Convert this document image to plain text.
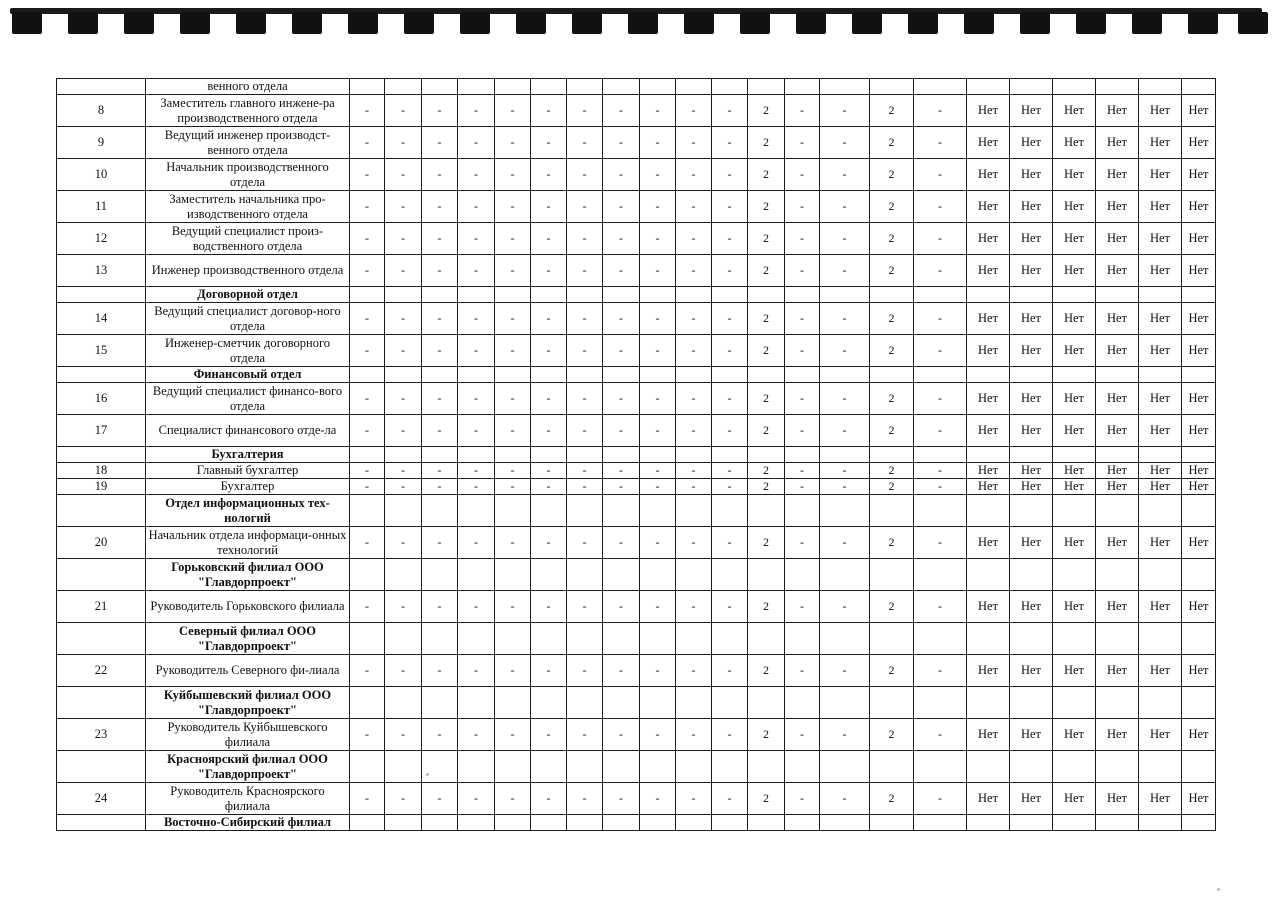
	венного отдела																						
8	Заместитель главного инжене-ра производственного отдела	-	-	-	-	-	-	-	-	-	-	-	2	-	-	2	-	Нет	Нет	Нет	Нет	Нет	Нет
9	Ведущий инженер производст-венного отдела	-	-	-	-	-	-	-	-	-	-	-	2	-	-	2	-	Нет	Нет	Нет	Нет	Нет	Нет
10	Начальник производственного отдела	-	-	-	-	-	-	-	-	-	-	-	2	-	-	2	-	Нет	Нет	Нет	Нет	Нет	Нет
11	Заместитель начальника про-изводственного отдела	-	-	-	-	-	-	-	-	-	-	-	2	-	-	2	-	Нет	Нет	Нет	Нет	Нет	Нет
12	Ведущий специалист произ-водственного отдела	-	-	-	-	-	-	-	-	-	-	-	2	-	-	2	-	Нет	Нет	Нет	Нет	Нет	Нет
13	Инженер производственного отдела	-	-	-	-	-	-	-	-	-	-	-	2	-	-	2	-	Нет	Нет	Нет	Нет	Нет	Нет
	Договорной отдел																						
14	Ведущий специалист договор-ного отдела	-	-	-	-	-	-	-	-	-	-	-	2	-	-	2	-	Нет	Нет	Нет	Нет	Нет	Нет
15	Инженер-сметчик договорного отдела	-	-	-	-	-	-	-	-	-	-	-	2	-	-	2	-	Нет	Нет	Нет	Нет	Нет	Нет
	Финансовый отдел																						
16	Ведущий специалист финансо-вого отдела	-	-	-	-	-	-	-	-	-	-	-	2	-	-	2	-	Нет	Нет	Нет	Нет	Нет	Нет
17	Специалист финансового отде-ла	-	-	-	-	-	-	-	-	-	-	-	2	-	-	2	-	Нет	Нет	Нет	Нет	Нет	Нет
	Бухгалтерия																						
18	Главный бухгалтер	-	-	-	-	-	-	-	-	-	-	-	2	-	-	2	-	Нет	Нет	Нет	Нет	Нет	Нет
19	Бухгалтер	-	-	-	-	-	-	-	-	-	-	-	2	-	-	2	-	Нет	Нет	Нет	Нет	Нет	Нет
	Отдел информационных тех-нологий																						
20	Начальник отдела информаци-онных технологий	-	-	-	-	-	-	-	-	-	-	-	2	-	-	2	-	Нет	Нет	Нет	Нет	Нет	Нет
	Горьковский филиал ООО "Главдорпроект"																						
21	Руководитель Горьковского филиала	-	-	-	-	-	-	-	-	-	-	-	2	-	-	2	-	Нет	Нет	Нет	Нет	Нет	Нет
	Северный филиал ООО "Главдорпроект"																						
22	Руководитель Северного фи-лиала	-	-	-	-	-	-	-	-	-	-	-	2	-	-	2	-	Нет	Нет	Нет	Нет	Нет	Нет
	Куйбышевский филиал ООО "Главдорпроект"																						
23	Руководитель Куйбышевского филиала	-	-	-	-	-	-	-	-	-	-	-	2	-	-	2	-	Нет	Нет	Нет	Нет	Нет	Нет
	Красноярский филиал ООО "Главдорпроект"																						
24	Руководитель Красноярского филиала	-	-	-	-	-	-	-	-	-	-	-	2	-	-	2	-	Нет	Нет	Нет	Нет	Нет	Нет
	Восточно-Сибирский филиал																						
